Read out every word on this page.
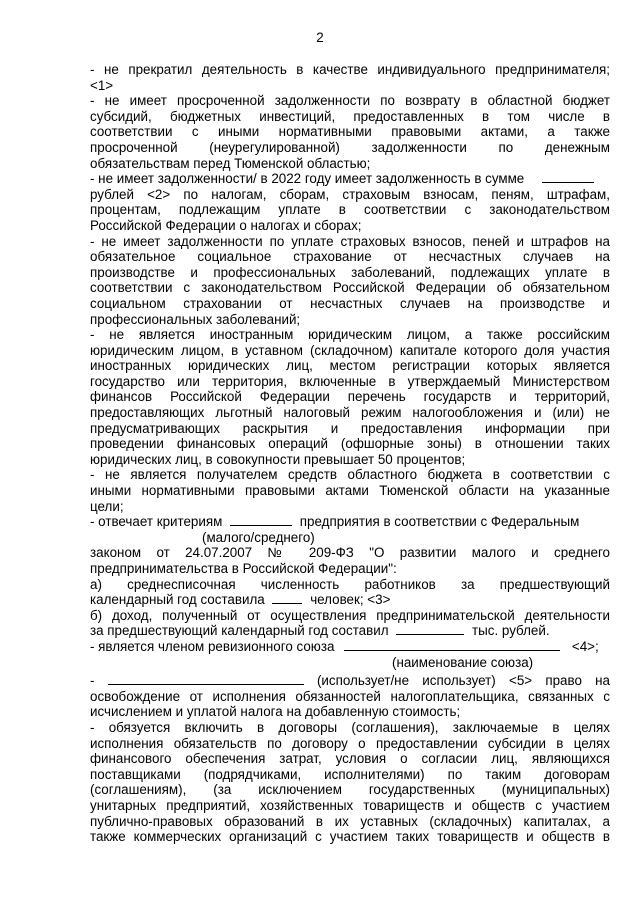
2
- не прекратил деятельность в качестве индивидуального предпринимателя;
<1>
- не имеет просроченной задолженности по возврату в областной бюджет
субсидий, бюджетных инвестиций, предоставленных в том числе в
соответствии с иными нормативными правовыми актами, а также
просроченной (неурегулированной) задолженности по денежным
обязательствам перед Тюменской областью;
- не имеет задолженности/ в 2022 году имеет задолженность в сумме
рублей <2> по налогам, сборам, страховым взносам, пеням, штрафам,
процентам, подлежащим уплате в соответствии с законодательством
Российской Федерации о налогах и сборах;
- не имеет задолженности по уплате страховых взносов, пеней и штрафов на
обязательное социальное страхование от несчастных случаев на
производстве и профессиональных заболеваний, подлежащих уплате в
соответствии с законодательством Российской Федерации об обязательном
социальном страховании от несчастных случаев на производстве и
профессиональных заболеваний;
- не является иностранным юридическим лицом, а также российским
юридическим лицом, в уставном (складочном) капитале которого доля участия
иностранных юридических лиц, местом регистрации которых является
государство или территория, включенные в утверждаемый Министерством
финансов Российской Федерации перечень государств и территорий,
предоставляющих льготный налоговый режим налогообложения и (или) не
предусматривающих раскрытия и предоставления информации при
проведении финансовых операций (офшорные зоны) в отношении таких
юридических лиц, в совокупности превышает 50 процентов;
- не является получателем средств областного бюджета в соответствии с
иными нормативными правовыми актами Тюменской области на указанные
цели;
- отвечает критериям	предприятия в соответствии с Федеральным
(малого/среднего)
законом от 24.07.2007 № 209-ФЗ "О развитии малого и среднего
предпринимательства в Российской Федерации":
а) среднесписочная численность работников за предшествующий
календарный год составила	человек; <3>
б) доход, полученный от осуществления предпринимательской деятельности
за предшествующий календарный год составил	тыс. рублей.
- является членом ревизионного союза	<4>;
(наименование союза)
-	(использует/не использует) <5> право на
освобождение от исполнения обязанностей налогоплательщика, связанных с
исчислением и уплатой налога на добавленную стоимость;
- обязуется включить в договоры (соглашения), заключаемые в целях
исполнения обязательств по договору о предоставлении субсидии в целях
финансового обеспечения затрат, условия о согласии лиц, являющихся
поставщиками (подрядчиками, исполнителями) по таким договорам
(соглашениям), (за исключением государственных (муниципальных)
унитарных предприятий, хозяйственных товариществ и обществ с участием
публично-правовых образований в их уставных (складочных) капиталах, а
также коммерческих организаций с участием таких товариществ и обществ в
